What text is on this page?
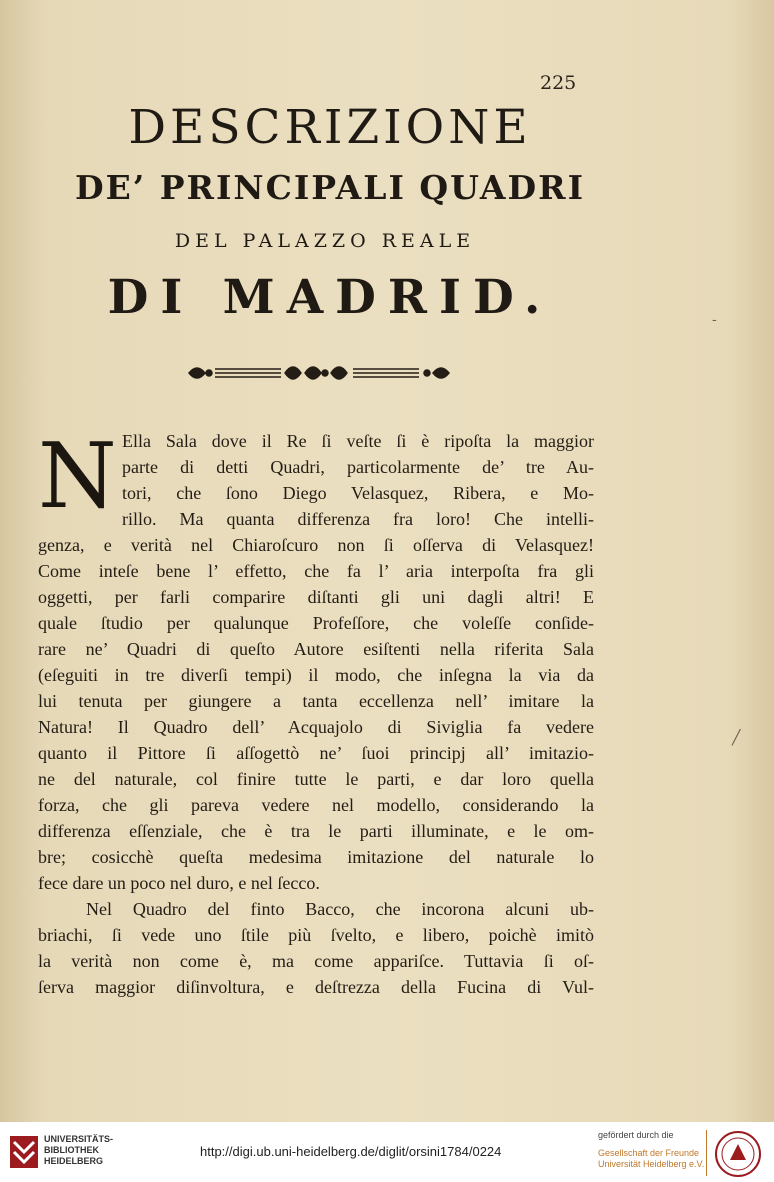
225
DESCRIZIONE
DE’ PRINCIPALI QUADRI
DEL PALAZZO REALE
DI MADRID.
N Ella Sala dove il Re ſi veſte ſi è ripoſta la maggior
parte di detti Quadri, particolarmente de’ tre Au-
tori, che ſono Diego Velasquez, Ribera, e Mo-
rillo. Ma quanta differenza fra loro! Che intelli-
genza, e verità nel Chiaroſcuro non ſi oſſerva di Velasquez!
Come inteſe bene l’ effetto, che fa l’ aria interpoſta fra gli
oggetti, per farli comparire diſtanti gli uni dagli altri! E
quale ſtudio per qualunque Profeſſore, che voleſſe conſide-
rare ne’ Quadri di queſto Autore esiſtenti nella riferita Sala
(eſeguiti in tre diverſi tempi) il modo, che inſegna la via da
lui tenuta per giungere a tanta eccellenza nell’ imitare la
Natura! Il Quadro dell’ Acquajolo di Siviglia fa vedere
quanto il Pittore ſi aſſogettò ne’ ſuoi principj all’ imitazio-
ne del naturale, col finire tutte le parti, e dar loro quella
forza, che gli pareva vedere nel modello, considerando la
differenza eſſenziale, che è tra le parti illuminate, e le om-
bre; cosicchè queſta medesima imitazione del naturale lo
fece dare un poco nel duro, e nel ſecco.
Nel Quadro del finto Bacco, che incorona alcuni ub-
briachi, ſi vede uno ſtile più ſvelto, e libero, poichè imitò
la verità non come è, ma come appariſce. Tuttavia ſi oſ-
ſerva maggior diſinvoltura, e deſtrezza della Fucina di Vul-
-
╱
UNIVERSITÄTS-
BIBLIOTHEK
HEIDELBERG
http://digi.ub.uni-heidelberg.de/diglit/orsini1784/0224
gefördert durch die
Gesellschaft der Freunde
Universität Heidelberg e.V.
